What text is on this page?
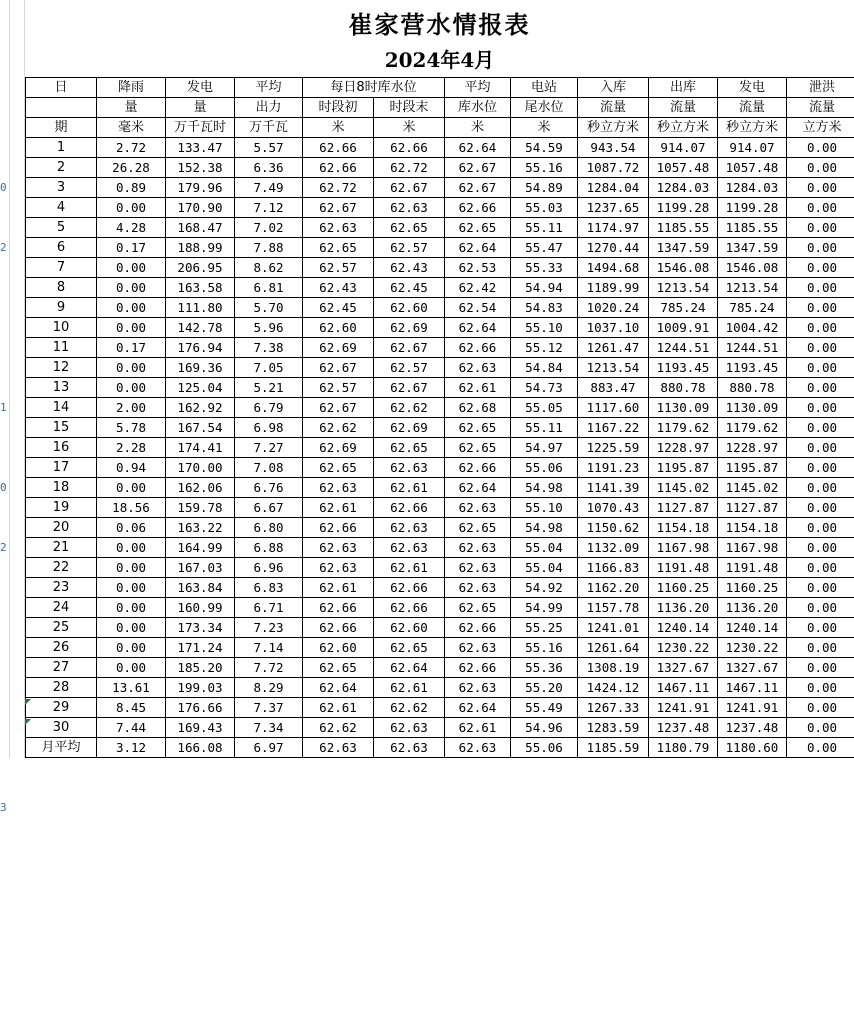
0
2
1
0
2
3
崔家营水情报表
2024年4月
日	降雨	发电	平均	每日8时库水位		平均	电站	入库	出库	发电	泄洪
	量	量	出力	时段初	时段末	库水位	尾水位	流量	流量	流量	流量
期	毫米	万千瓦时	万千瓦	米	米	米	米	秒立方米	秒立方米	秒立方米	立方米
1	2.72	133.47	5.57	62.66	62.66	62.64	54.59	943.54	914.07	914.07	0.00
2	26.28	152.38	6.36	62.66	62.72	62.67	55.16	1087.72	1057.48	1057.48	0.00
3	0.89	179.96	7.49	62.72	62.67	62.67	54.89	1284.04	1284.03	1284.03	0.00
4	0.00	170.90	7.12	62.67	62.63	62.66	55.03	1237.65	1199.28	1199.28	0.00
5	4.28	168.47	7.02	62.63	62.65	62.65	55.11	1174.97	1185.55	1185.55	0.00
6	0.17	188.99	7.88	62.65	62.57	62.64	55.47	1270.44	1347.59	1347.59	0.00
7	0.00	206.95	8.62	62.57	62.43	62.53	55.33	1494.68	1546.08	1546.08	0.00
8	0.00	163.58	6.81	62.43	62.45	62.42	54.94	1189.99	1213.54	1213.54	0.00
9	0.00	111.80	5.70	62.45	62.60	62.54	54.83	1020.24	785.24	785.24	0.00
10	0.00	142.78	5.96	62.60	62.69	62.64	55.10	1037.10	1009.91	1004.42	0.00
11	0.17	176.94	7.38	62.69	62.67	62.66	55.12	1261.47	1244.51	1244.51	0.00
12	0.00	169.36	7.05	62.67	62.57	62.63	54.84	1213.54	1193.45	1193.45	0.00
13	0.00	125.04	5.21	62.57	62.67	62.61	54.73	883.47	880.78	880.78	0.00
14	2.00	162.92	6.79	62.67	62.62	62.68	55.05	1117.60	1130.09	1130.09	0.00
15	5.78	167.54	6.98	62.62	62.69	62.65	55.11	1167.22	1179.62	1179.62	0.00
16	2.28	174.41	7.27	62.69	62.65	62.65	54.97	1225.59	1228.97	1228.97	0.00
17	0.94	170.00	7.08	62.65	62.63	62.66	55.06	1191.23	1195.87	1195.87	0.00
18	0.00	162.06	6.76	62.63	62.61	62.64	54.98	1141.39	1145.02	1145.02	0.00
19	18.56	159.78	6.67	62.61	62.66	62.63	55.10	1070.43	1127.87	1127.87	0.00
20	0.06	163.22	6.80	62.66	62.63	62.65	54.98	1150.62	1154.18	1154.18	0.00
21	0.00	164.99	6.88	62.63	62.63	62.63	55.04	1132.09	1167.98	1167.98	0.00
22	0.00	167.03	6.96	62.63	62.61	62.63	55.04	1166.83	1191.48	1191.48	0.00
23	0.00	163.84	6.83	62.61	62.66	62.63	54.92	1162.20	1160.25	1160.25	0.00
24	0.00	160.99	6.71	62.66	62.66	62.65	54.99	1157.78	1136.20	1136.20	0.00
25	0.00	173.34	7.23	62.66	62.60	62.66	55.25	1241.01	1240.14	1240.14	0.00
26	0.00	171.24	7.14	62.60	62.65	62.63	55.16	1261.64	1230.22	1230.22	0.00
27	0.00	185.20	7.72	62.65	62.64	62.66	55.36	1308.19	1327.67	1327.67	0.00
28	13.61	199.03	8.29	62.64	62.61	62.63	55.20	1424.12	1467.11	1467.11	0.00
29	8.45	176.66	7.37	62.61	62.62	62.64	55.49	1267.33	1241.91	1241.91	0.00
30	7.44	169.43	7.34	62.62	62.63	62.61	54.96	1283.59	1237.48	1237.48	0.00
月平均	3.12	166.08	6.97	62.63	62.63	62.63	55.06	1185.59	1180.79	1180.60	0.00
